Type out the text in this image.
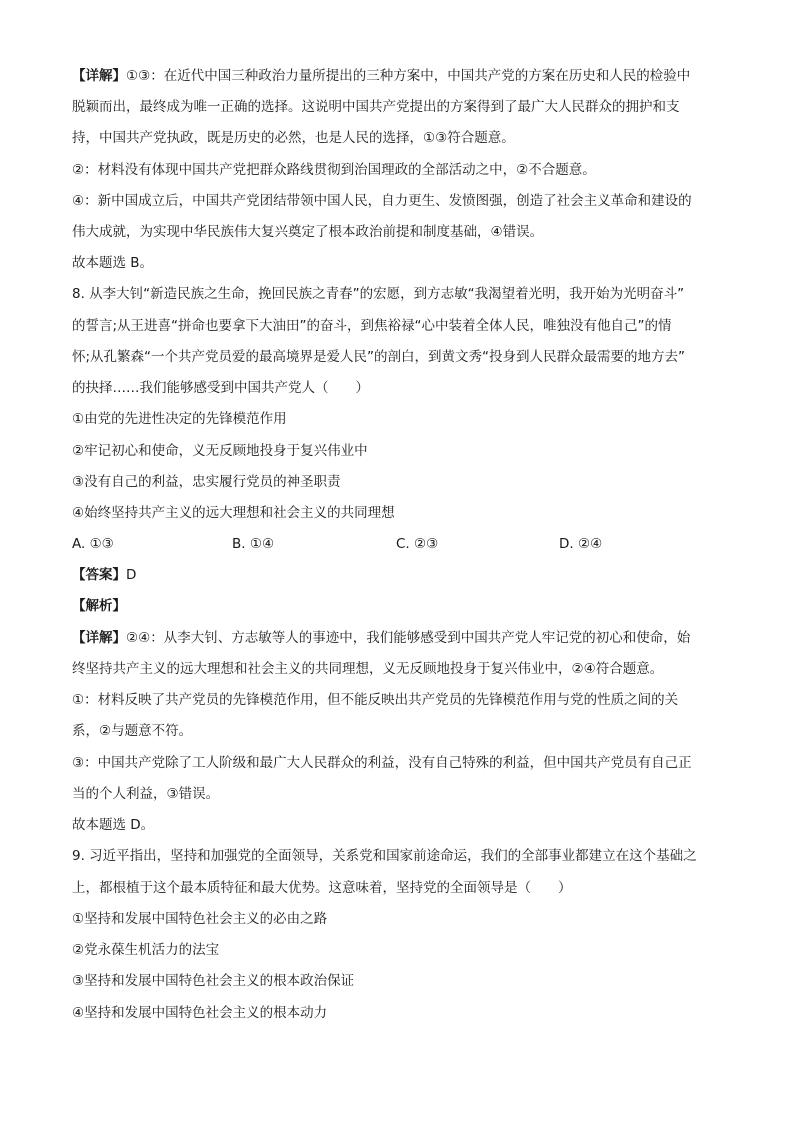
【详解】①③：在近代中国三种政治力量所提出的三种方案中，中国共产党的方案在历史和人民的检验中
脱颖而出，最终成为唯一正确的选择。这说明中国共产党提出的方案得到了最广大人民群众的拥护和支
持，中国共产党执政，既是历史的必然，也是人民的选择，①③符合题意。
②：材料没有体现中国共产党把群众路线贯彻到治国理政的全部活动之中，②不合题意。
④：新中国成立后，中国共产党团结带领中国人民，自力更生、发愤图强，创造了社会主义革命和建设的
伟大成就，为实现中华民族伟大复兴奠定了根本政治前提和制度基础，④错误。
故本题选 B。
8. 从李大钊“新造民族之生命，挽回民族之青春”的宏愿，到方志敏“我渴望着光明，我开始为光明奋斗”
的誓言;从王进喜“拼命也要拿下大油田”的奋斗，到焦裕禄“心中装着全体人民，唯独没有他自己”的情
怀;从孔繁森“一个共产党员爱的最高境界是爱人民”的剖白，到黄文秀“投身到人民群众最需要的地方去”
的抉择……我们能够感受到中国共产党人（　　）
①由党的先进性决定的先锋模范作用
②牢记初心和使命，义无反顾地投身于复兴伟业中
③没有自己的利益，忠实履行党员的神圣职责
④始终坚持共产主义的远大理想和社会主义的共同理想
A. ①③	B. ①④	C. ②③	D. ②④
【答案】D
【解析】
【详解】②④：从李大钊、方志敏等人的事迹中，我们能够感受到中国共产党人牢记党的初心和使命，始
终坚持共产主义的远大理想和社会主义的共同理想，义无反顾地投身于复兴伟业中，②④符合题意。
①：材料反映了共产党员的先锋模范作用，但不能反映出共产党员的先锋模范作用与党的性质之间的关
系，②与题意不符。
③：中国共产党除了工人阶级和最广大人民群众的利益，没有自己特殊的利益，但中国共产党员有自己正
当的个人利益，③错误。
故本题选 D。
9. 习近平指出，坚持和加强党的全面领导，关系党和国家前途命运，我们的全部事业都建立在这个基础之
上，都根植于这个最本质特征和最大优势。这意味着，坚持党的全面领导是（　　）
①坚持和发展中国特色社会主义的必由之路
②党永葆生机活力的法宝
③坚持和发展中国特色社会主义的根本政治保证
④坚持和发展中国特色社会主义的根本动力
